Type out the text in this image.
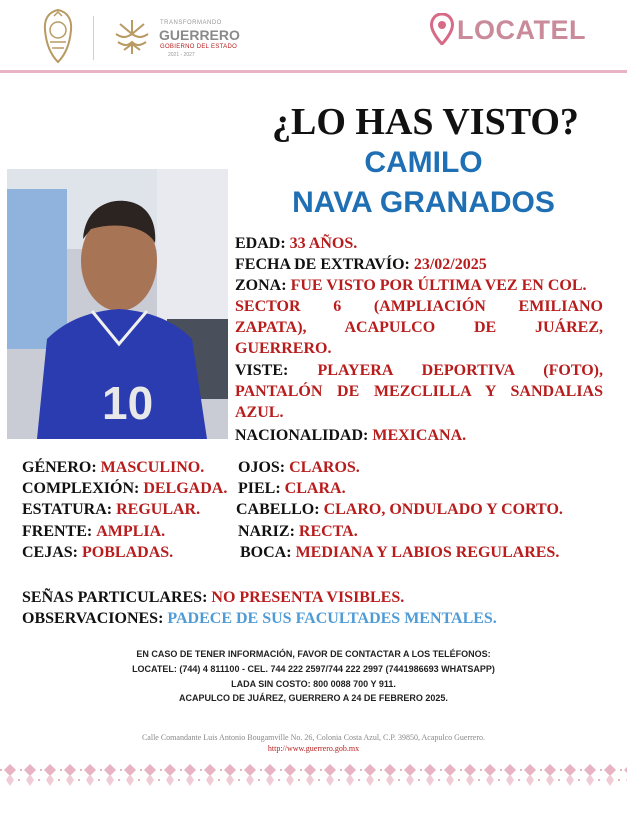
TRANSFORMANDO
GUERRERO
GOBIERNO DEL ESTADO
2021 - 2027
LOCATEL
¿LO HAS VISTO?
CAMILO
NAVA GRANADOS
10
EDAD: 33 AÑOS.
FECHA DE EXTRAVÍO: 23/02/2025
ZONA: FUE VISTO POR ÚLTIMA VEZ EN COL.
SECTOR 6 (AMPLIACIÓN EMILIANO
ZAPATA), ACAPULCO DE JUÁREZ,
GUERRERO.
VISTE: PLAYERA DEPORTIVA (FOTO),
PANTALÓN DE MEZCLILLA Y SANDALIAS
AZUL.
NACIONALIDAD: MEXICANA.
GÉNERO: MASCULINO.
COMPLEXIÓN: DELGADA.
ESTATURA: REGULAR.
FRENTE: AMPLIA.
CEJAS: POBLADAS.
OJOS: CLAROS.
PIEL: CLARA.
CABELLO: CLARO, ONDULADO Y CORTO.
NARIZ: RECTA.
BOCA: MEDIANA Y LABIOS REGULARES.
SEÑAS PARTICULARES: NO PRESENTA VISIBLES.
OBSERVACIONES: PADECE DE SUS FACULTADES MENTALES.
EN CASO DE TENER INFORMACIÓN, FAVOR DE CONTACTAR A LOS TELÉFONOS:
LOCATEL: (744) 4 811100 - CEL. 744 222 2597/744 222 2997 (7441986693 WHATSAPP)
LADA SIN COSTO: 800 0088 700 Y 911.
ACAPULCO DE JUÁREZ, GUERRERO A 24 DE FEBRERO 2025.
Calle Comandante Luis Antonio Bougamville No. 26, Colonia Costa Azul, C.P. 39850, Acapulco Guerrero.
http://www.guerrero.gob.mx
